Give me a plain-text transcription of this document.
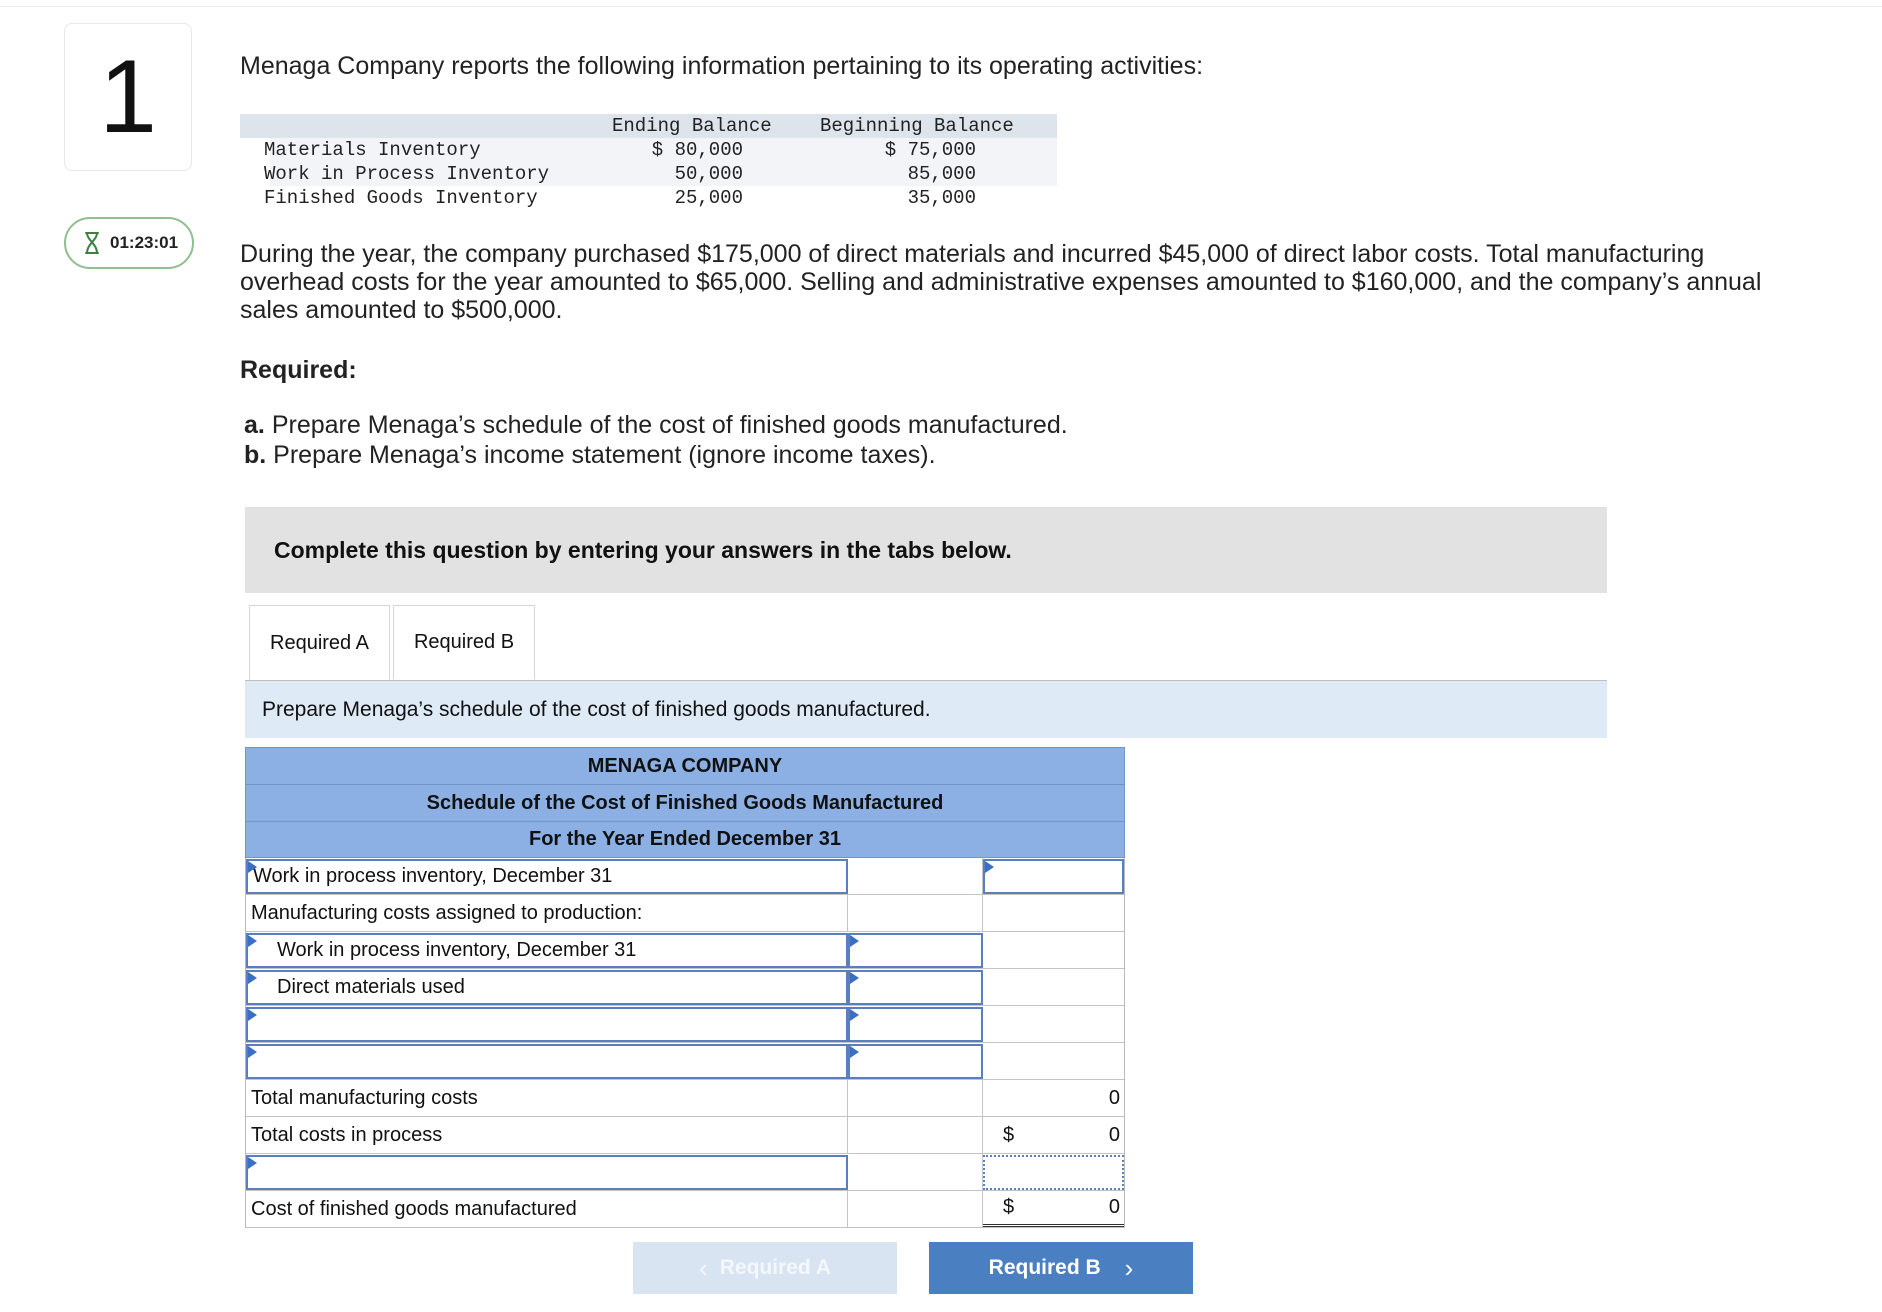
1
01:23:01
Menaga Company reports the following information pertaining to its operating activities:
Ending Balance	Beginning Balance
Materials Inventory	$ 80,000	$ 75,000
Work in Process Inventory	50,000	85,000
Finished Goods Inventory	25,000	35,000
During the year, the company purchased $175,000 of direct materials and incurred $45,000 of direct labor costs. Total manufacturing overhead costs for the year amounted to $65,000. Selling and administrative expenses amounted to $160,000, and the company’s annual sales amounted to $500,000.
Required:
a. Prepare Menaga’s schedule of the cost of finished goods manufactured.
b. Prepare Menaga’s income statement (ignore income taxes).
Complete this question by entering your answers in the tabs below.
Required A	Required B
Prepare Menaga’s schedule of the cost of finished goods manufactured.
MENAGA COMPANY
Schedule of the Cost of Finished Goods Manufactured
For the Year Ended December 31
Work in process inventory, December 31
Manufacturing costs assigned to production:
Work in process inventory, December 31
Direct materials used
Total manufacturing costs	0
Total costs in process	$	0
Cost of finished goods manufactured	$	0
‹ Required A	Required B ›
